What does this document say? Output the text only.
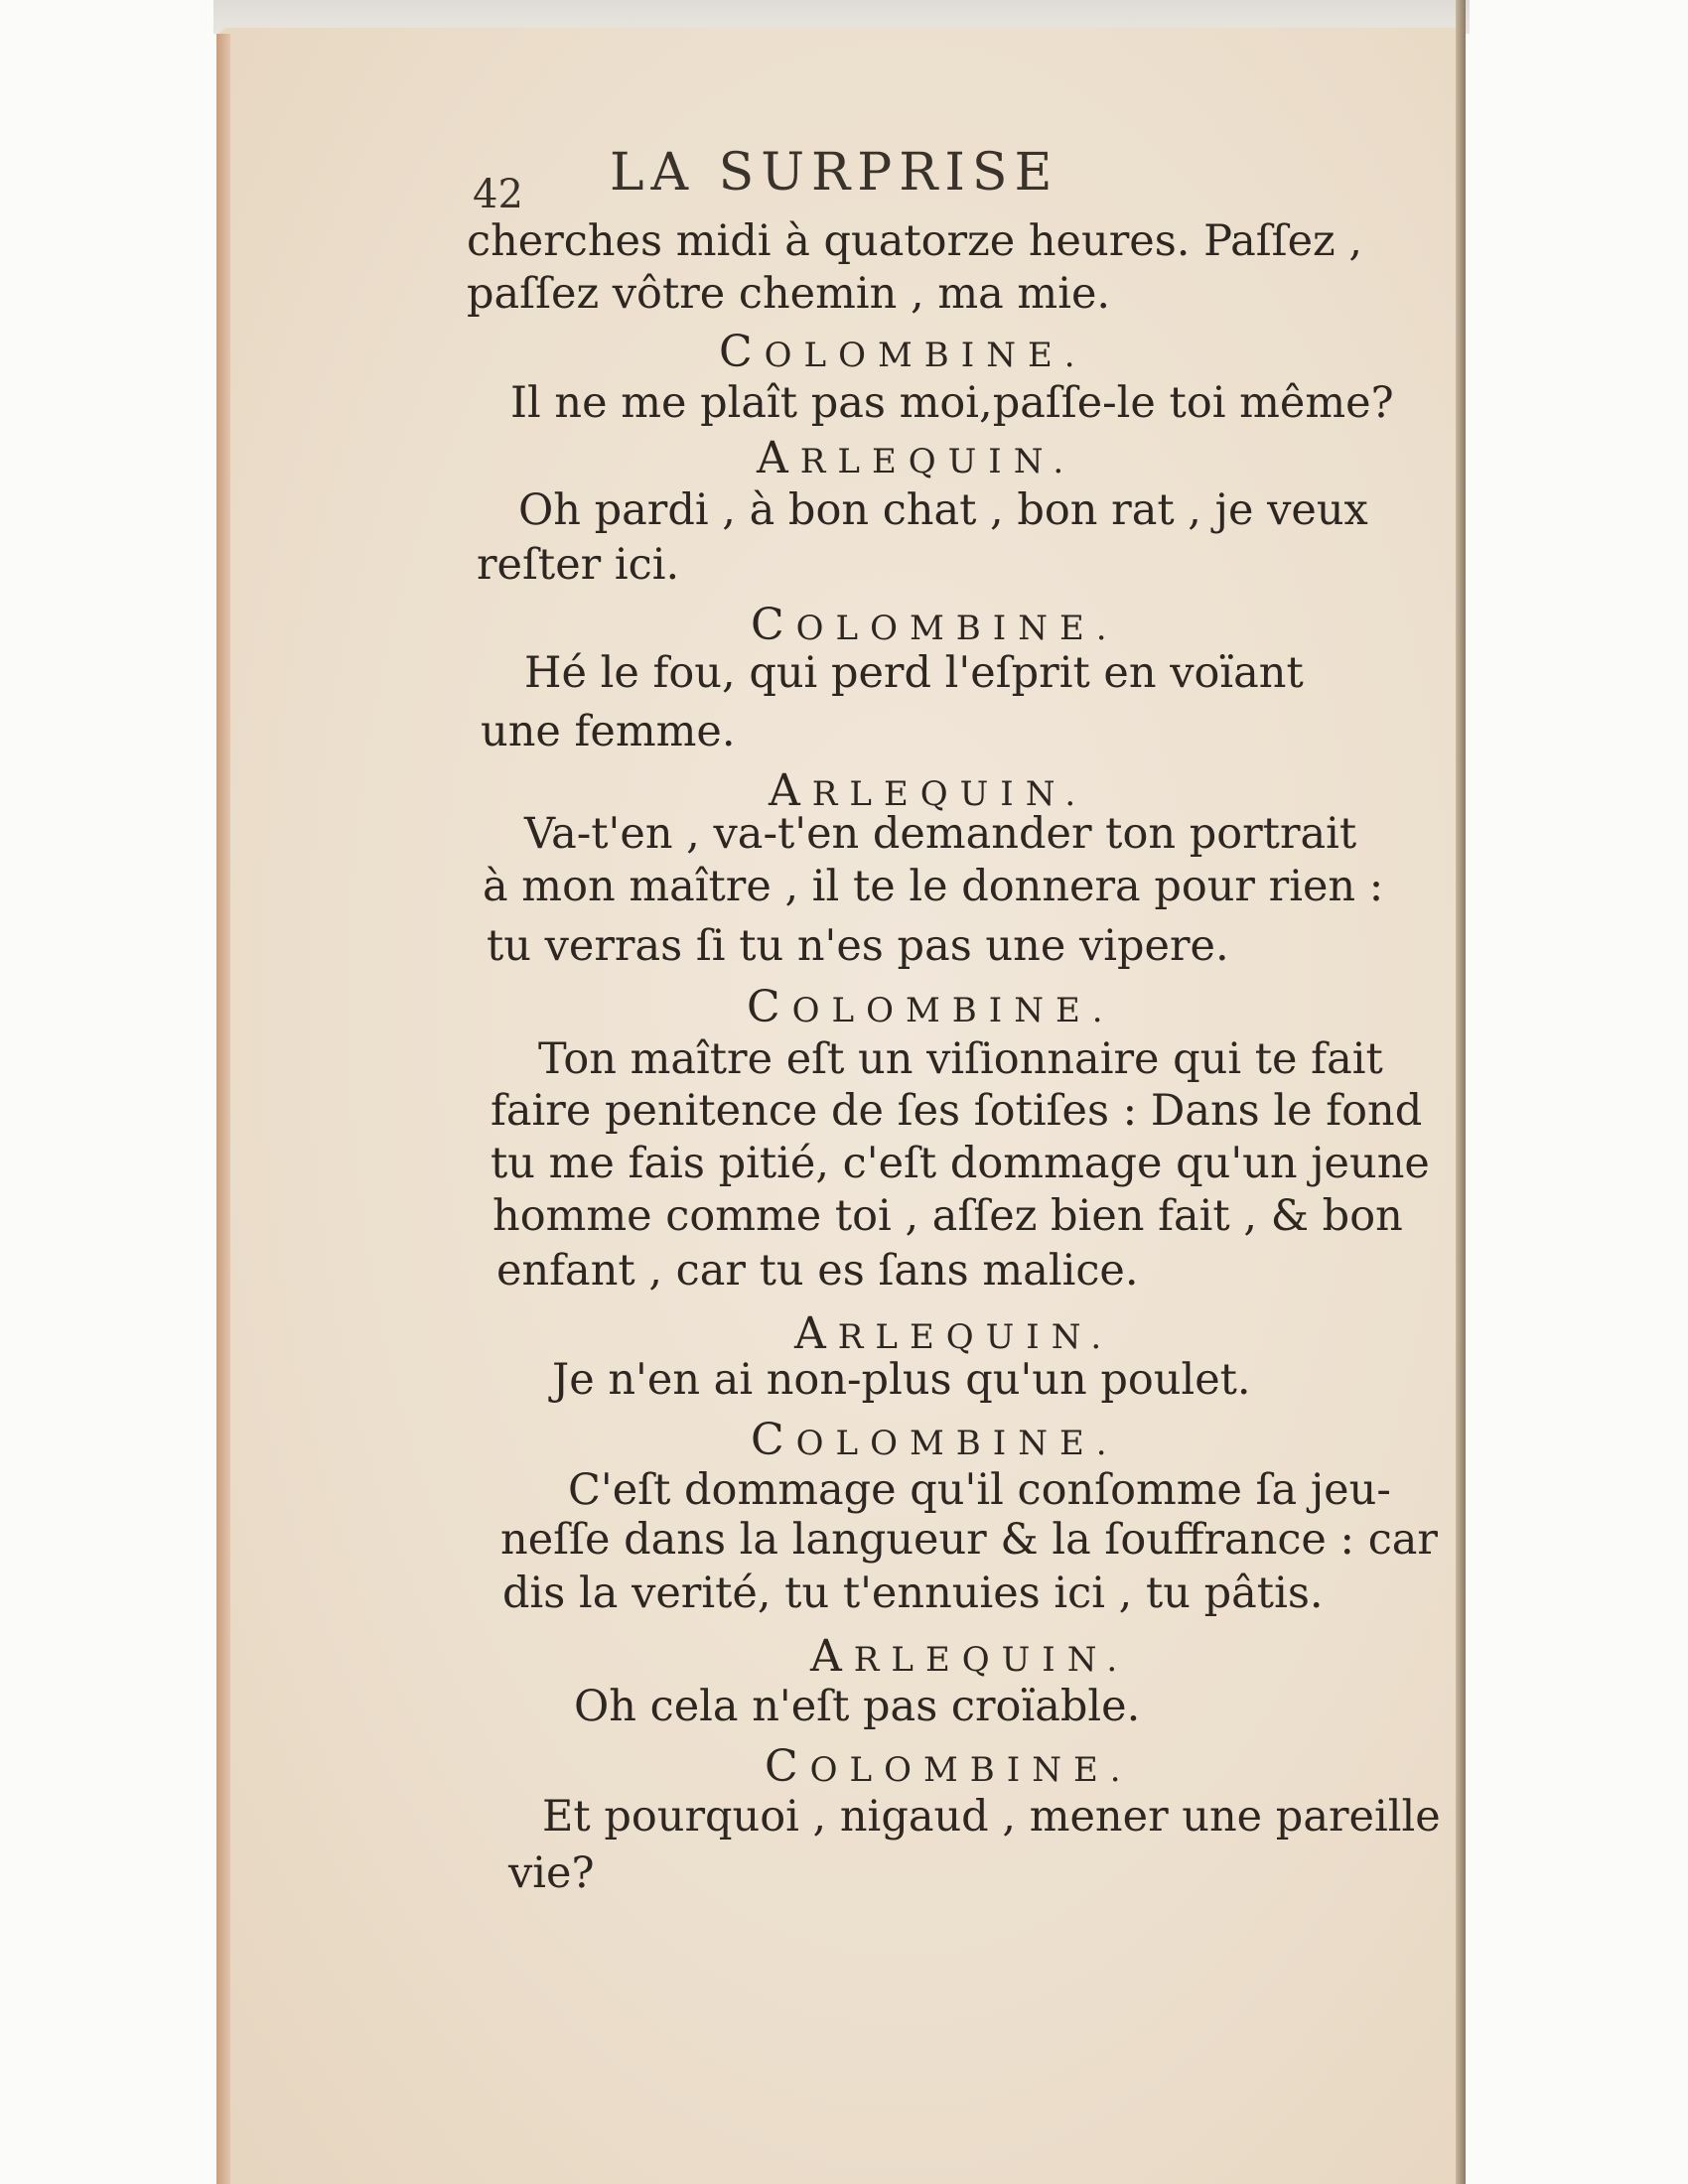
42 LA SURPRISE
cherches midi à quatorze heures. Paſſez ,
paſſez vôtre chemin , ma mie.
COLOMBINE.
Il ne me plaît pas moi,paſſe-le toi même?
ARLEQUIN.
Oh pardi , à bon chat , bon rat , je veux
reſter ici.
COLOMBINE.
Hé le fou, qui perd l'eſprit en voïant
une femme.
ARLEQUIN.
Va-t'en , va-t'en demander ton portrait
à mon maître , il te le donnera pour rien :
tu verras ſi tu n'es pas une vipere.
COLOMBINE.
Ton maître eſt un viſionnaire qui te fait
faire penitence de ſes ſotiſes : Dans le fond
tu me fais pitié, c'eſt dommage qu'un jeune
homme comme toi , aſſez bien fait , & bon
enfant , car tu es ſans malice.
ARLEQUIN.
Je n'en ai non-plus qu'un poulet.
COLOMBINE.
C'eſt dommage qu'il conſomme ſa jeu-
neſſe dans la langueur & la ſouffrance : car
dis la verité, tu t'ennuies ici , tu pâtis.
ARLEQUIN.
Oh cela n'eſt pas croïable.
COLOMBINE.
Et pourquoi , nigaud , mener une pareille
vie?
